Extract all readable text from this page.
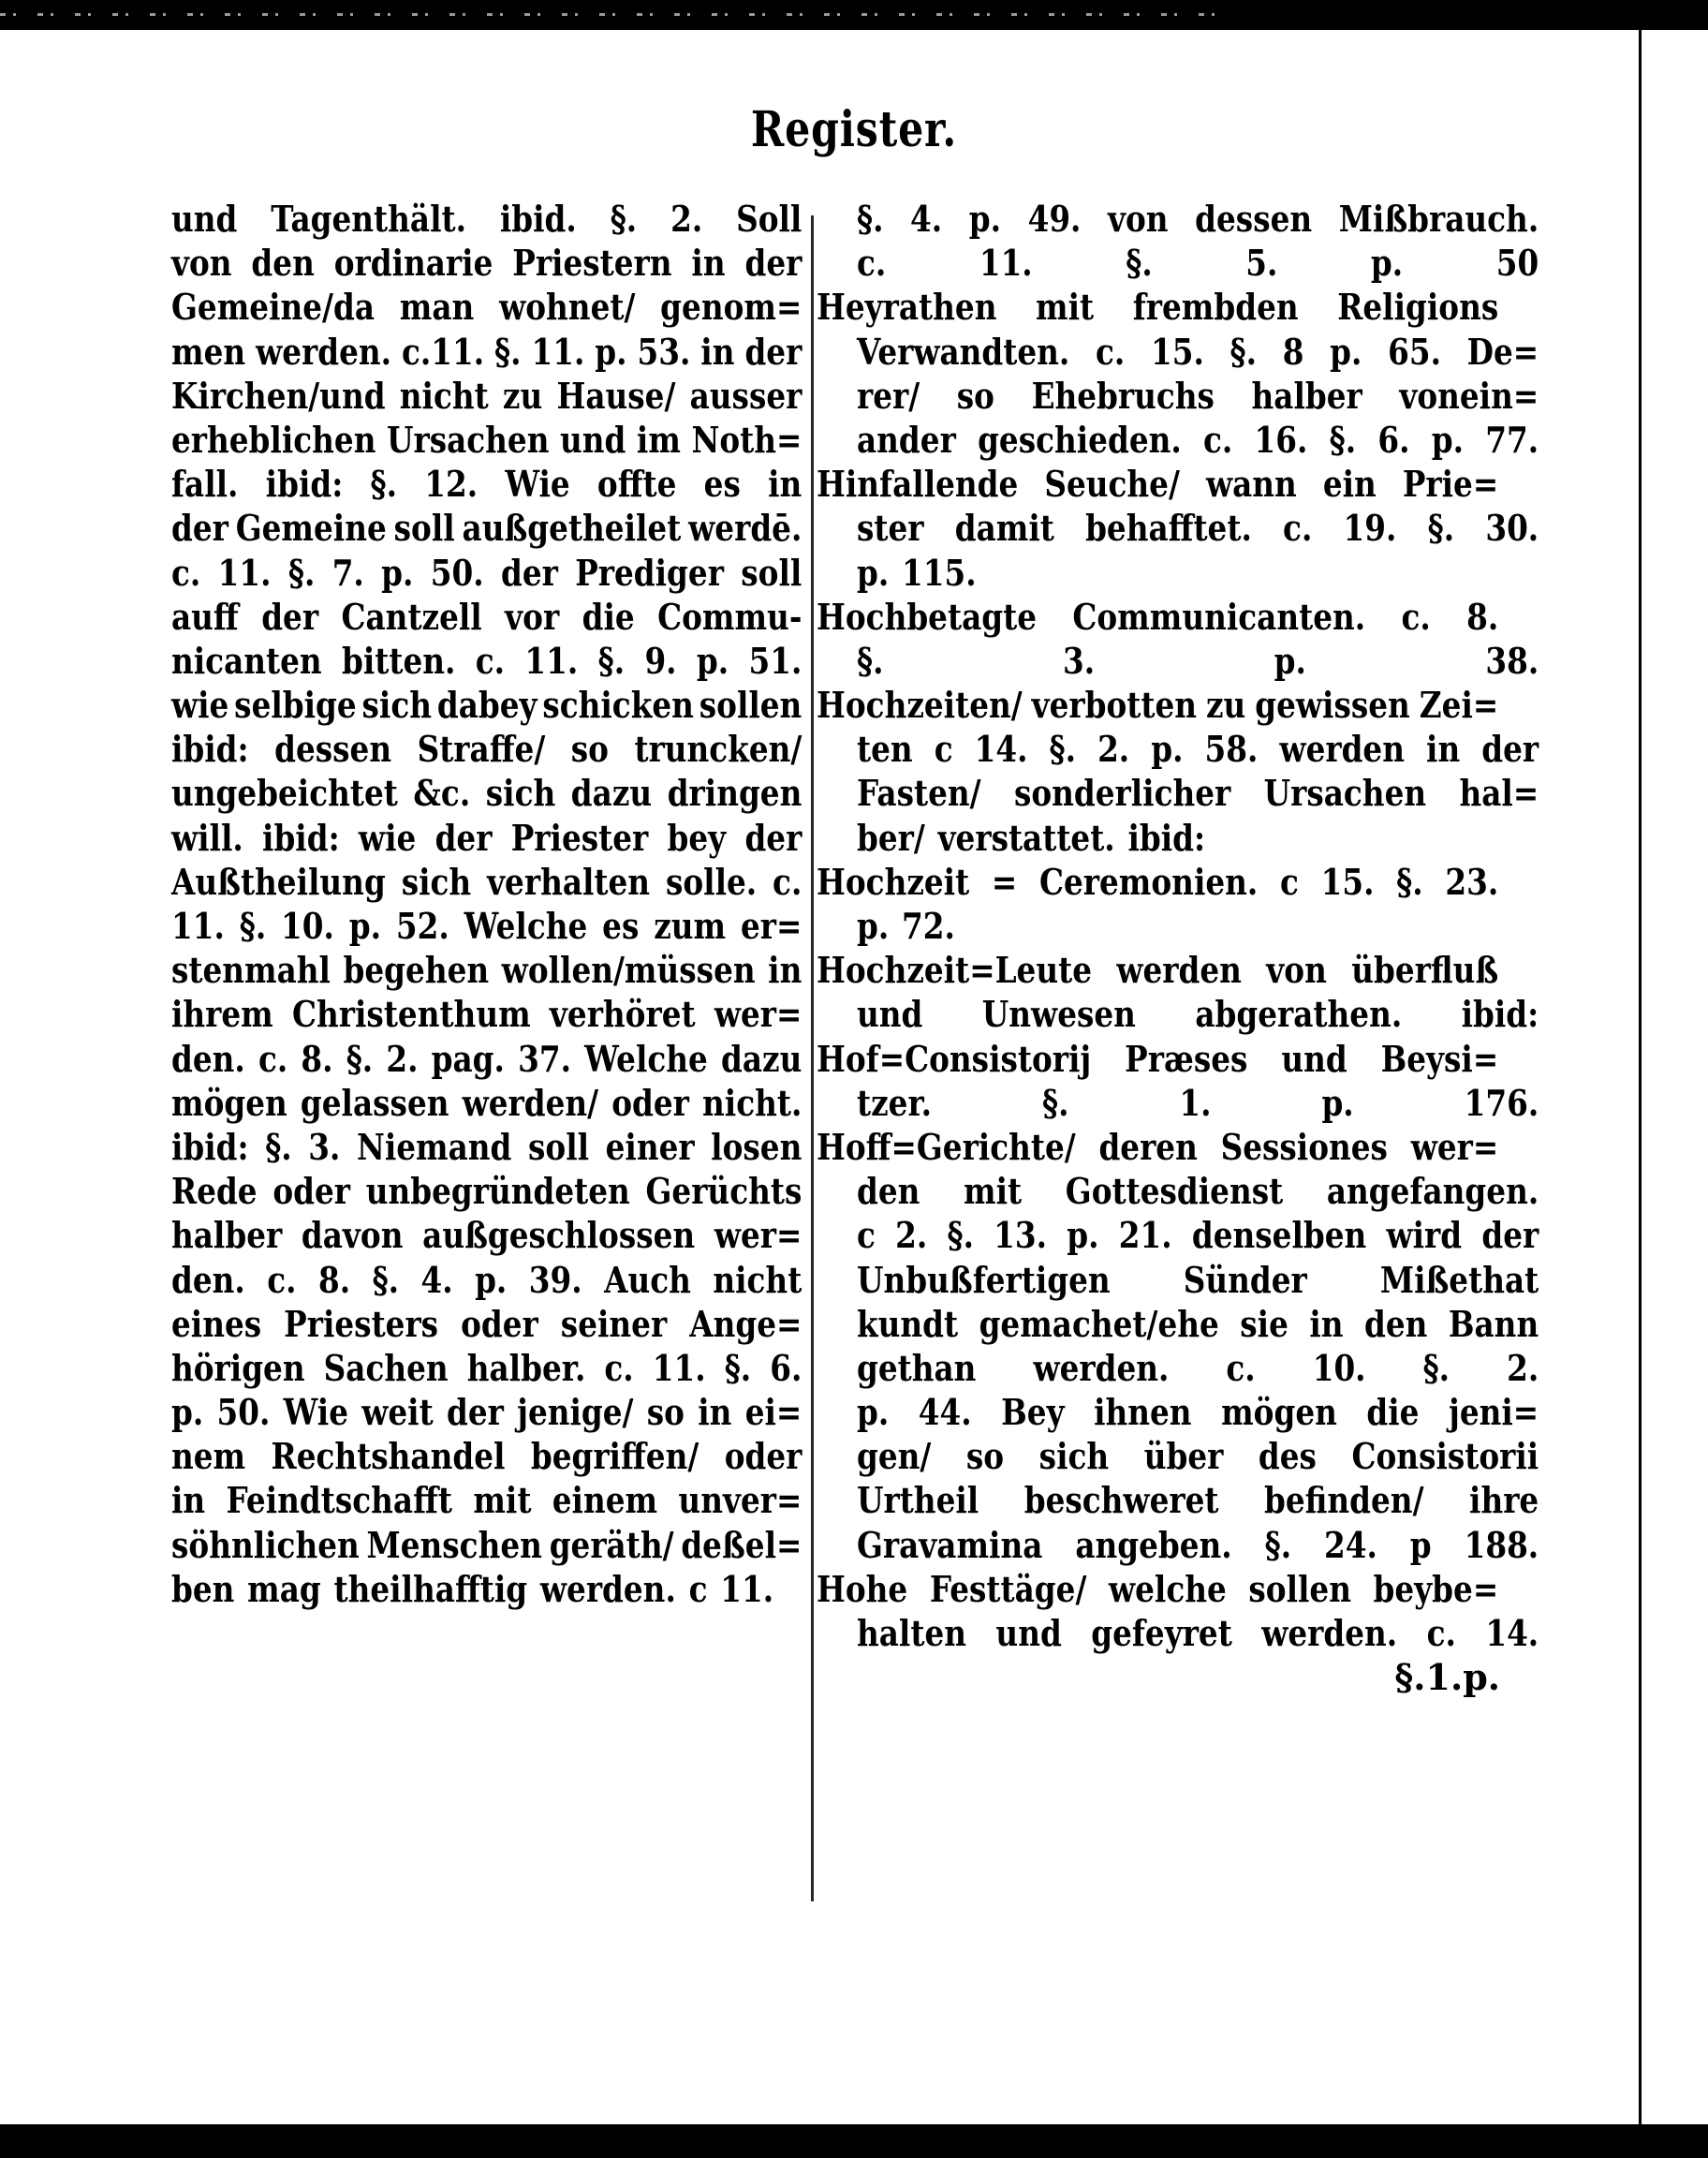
Register.
und Tagenthält. ibid. §. 2. Soll
von den ordinarie Priestern in der
Gemeine/da man wohnet/ genom=
men werden. c.11. §. 11. p. 53. in der
Kirchen/und nicht zu Hause/ ausser
erheblichen Ursachen und im Noth=
fall. ibid: §. 12. Wie offte es in
der Gemeine soll außgetheilet werdē.
c. 11. §. 7. p. 50. der Prediger soll
auff der Cantzell vor die Commu-
nicanten bitten. c. 11. §. 9. p. 51.
wie selbige sich dabey schicken sollen
ibid: dessen Straffe/ so truncken/
ungebeichtet &c. sich dazu dringen
will. ibid: wie der Priester bey der
Außtheilung sich verhalten solle. c.
11. §. 10. p. 52. Welche es zum er=
stenmahl begehen wollen/müssen in
ihrem Christenthum verhöret wer=
den. c. 8. §. 2. pag. 37. Welche dazu
mögen gelassen werden/ oder nicht.
ibid: §. 3. Niemand soll einer losen
Rede oder unbegründeten Gerüchts
halber davon außgeschlossen wer=
den. c. 8. §. 4. p. 39. Auch nicht
eines Priesters oder seiner Ange=
hörigen Sachen halber. c. 11. §. 6.
p. 50. Wie weit der jenige/ so in ei=
nem Rechtshandel begriffen/ oder
in Feindtschafft mit einem unver=
söhnlichen Menschen geräth/ deßel=
ben mag theilhafftig werden. c 11.
§. 4. p. 49. von dessen Mißbrauch.
c.	11.	§.	5.	p.	50
Heyrathen mit frembden Religions
Verwandten. c. 15. §. 8 p. 65. De=
rer/ so Ehebruchs halber vonein=
ander geschieden. c. 16. §. 6. p. 77.
Hinfallende Seuche/ wann ein Prie=
ster damit behafftet. c. 19. §. 30.
p. 115.
Hochbetagte Communicanten. c. 8.
§.	3.	p.	38.
Hochzeiten/ verbotten zu gewissen Zei=
ten c 14. §. 2. p. 58. werden in der
Fasten/ sonderlicher Ursachen hal=
ber/ verstattet. ibid:
Hochzeit = Ceremonien. c 15. §. 23.
p. 72.
Hochzeit=Leute werden von überfluß
und Unwesen abgerathen. ibid:
Hof=Consistorij Præses und Beysi=
tzer.	§.	1.	p.	176.
Hoff=Gerichte/ deren Sessiones wer=
den mit Gottesdienst angefangen.
c 2. §. 13. p. 21. denselben wird der
Unbußfertigen Sünder Mißethat
kundt gemachet/ehe sie in den Bann
gethan werden. c. 10. §. 2.
p. 44. Bey ihnen mögen die jeni=
gen/ so sich über des Consistorii
Urtheil beschweret befinden/ ihre
Gravamina angeben. §. 24. p 188.
Hohe Festtäge/ welche sollen beybe=
halten und gefeyret werden. c. 14.
§. 1. p.
